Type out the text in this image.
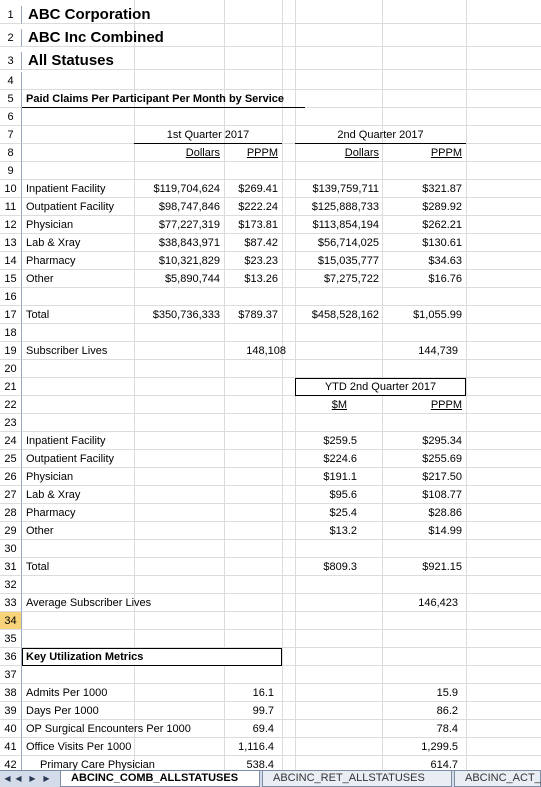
1 ABC Corporation
2 ABC Inc Combined
3 All Statuses
4
5	Paid Claims Per Participant Per Month by Service
6
7	1st Quarter 2017	2nd Quarter 2017
8	Dollars	PPPM	Dollars	PPPM
9
10 Inpatient Facility	$119,704,624	$269.41	$139,759,711	$321.87
11 Outpatient Facility	$98,747,846	$222.24	$125,888,733	$289.92
12 Physician	$77,227,319	$173.81	$113,854,194	$262.21
13 Lab & Xray	$38,843,971	$87.42	$56,714,025	$130.61
14 Pharmacy	$10,321,829	$23.23	$15,035,777	$34.63
15 Other	$5,890,744	$13.26	$7,275,722	$16.76
16
17 Total	$350,736,333	$789.37	$458,528,162	$1,055.99
18
19 Subscriber Lives	148,108	144,739
20
21	YTD 2nd Quarter 2017
22	$M	PPPM
23
24 Inpatient Facility	$259.5	$295.34
25 Outpatient Facility	$224.6	$255.69
26 Physician	$191.1	$217.50
27 Lab & Xray	$95.6	$108.77
28 Pharmacy	$25.4	$28.86
29 Other	$13.2	$14.99
30
31 Total	$809.3	$921.15
32
33 Average Subscriber Lives	146,423
34
35
36 Key Utilization Metrics
37
38 Admits Per 1000	16.1	15.9
39 Days Per 1000	99.7	86.2
40 OP Surgical Encounters Per 1000	69.4	78.4
41 Office Visits Per 1000	1,116.4	1,299.5
42	Primary Care Physician	538.4	614.7
◀︎ ◀ ▶ ▶︎	ABCINC_COMB_ALLSTATUSES	ABCINC_RET_ALLSTATUSES	ABCINC_ACT_
